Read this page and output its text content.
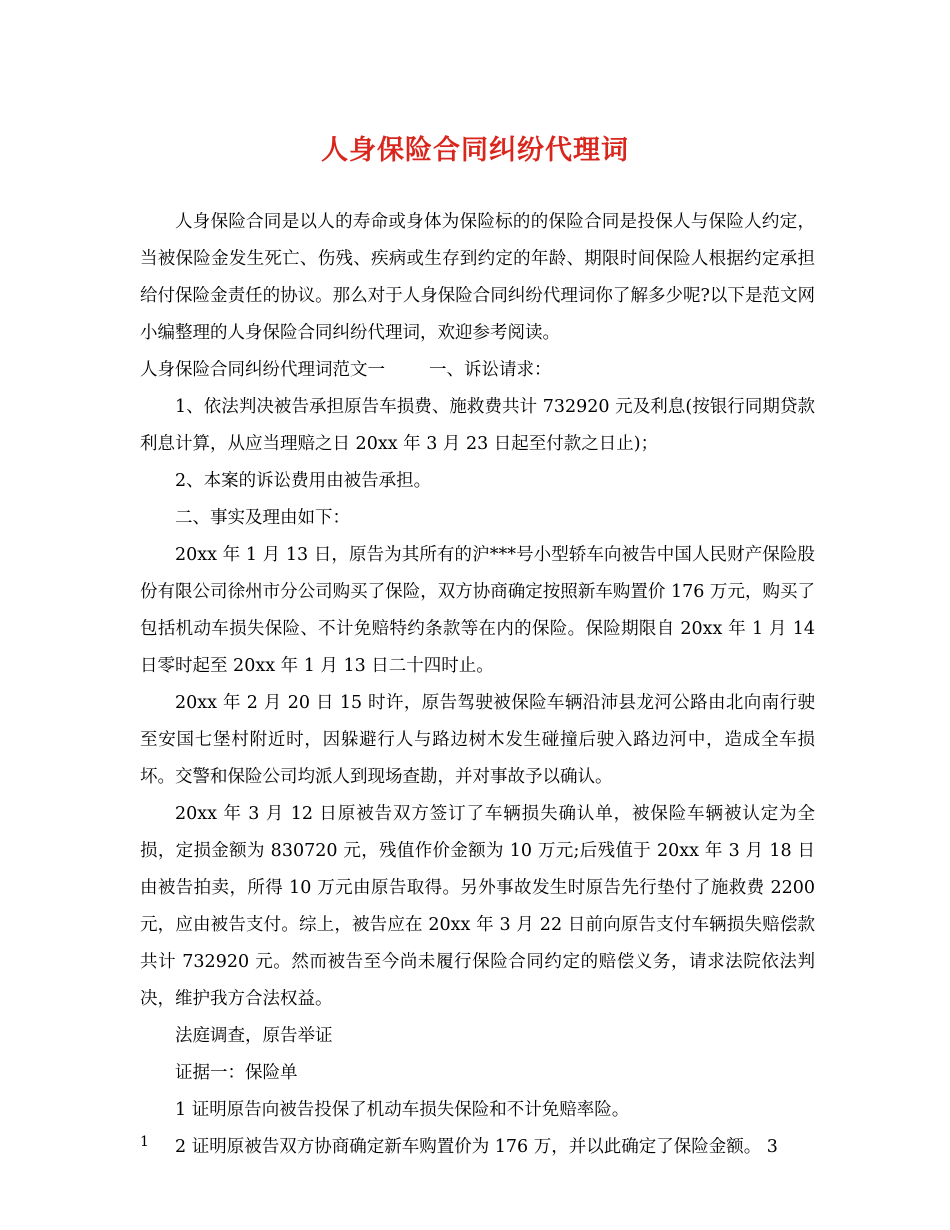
人身保险合同纠纷代理词

人身保险合同是以人的寿命或身体为保险标的的保险合同是投保人与保险人约定，当被保险金发生死亡、伤残、疾病或生存到约定的年龄、期限时间保险人根据约定承担给付保险金责任的协议。那么对于人身保险合同纠纷代理词你了解多少呢?以下是范文网小编整理的人身保险合同纠纷代理词，欢迎参考阅读。

人身保险合同纠纷代理词范文一	一、诉讼请求：

1、依法判决被告承担原告车损费、施救费共计 732920 元及利息(按银行同期贷款利息计算，从应当理赔之日 20xx 年 3 月 23 日起至付款之日止)；

2、本案的诉讼费用由被告承担。

二、事实及理由如下：

20xx 年 1 月 13 日，原告为其所有的沪***号小型轿车向被告中国人民财产保险股份有限公司徐州市分公司购买了保险，双方协商确定按照新车购置价 176 万元，购买了包括机动车损失保险、不计免赔特约条款等在内的保险。保险期限自 20xx 年 1 月 14 日零时起至 20xx 年 1 月 13 日二十四时止。

20xx 年 2 月 20 日 15 时许，原告驾驶被保险车辆沿沛县龙河公路由北向南行驶至安国七堡村附近时，因躲避行人与路边树木发生碰撞后驶入路边河中，造成全车损坏。交警和保险公司均派人到现场查勘，并对事故予以确认。

20xx 年 3 月 12 日原被告双方签订了车辆损失确认单，被保险车辆被认定为全损，定损金额为 830720 元，残值作价金额为 10 万元;后残值于 20xx 年 3 月 18 日由被告拍卖，所得 10 万元由原告取得。另外事故发生时原告先行垫付了施救费 2200 元，应由被告支付。综上，被告应在 20xx 年 3 月 22 日前向原告支付车辆损失赔偿款共计 732920 元。然而被告至今尚未履行保险合同约定的赔偿义务，请求法院依法判决，维护我方合法权益。

法庭调查，原告举证

证据一：保险单

1 证明原告向被告投保了机动车损失保险和不计免赔率险。

2 证明原被告双方协商确定新车购置价为 176 万，并以此确定了保险金额。 3

1
